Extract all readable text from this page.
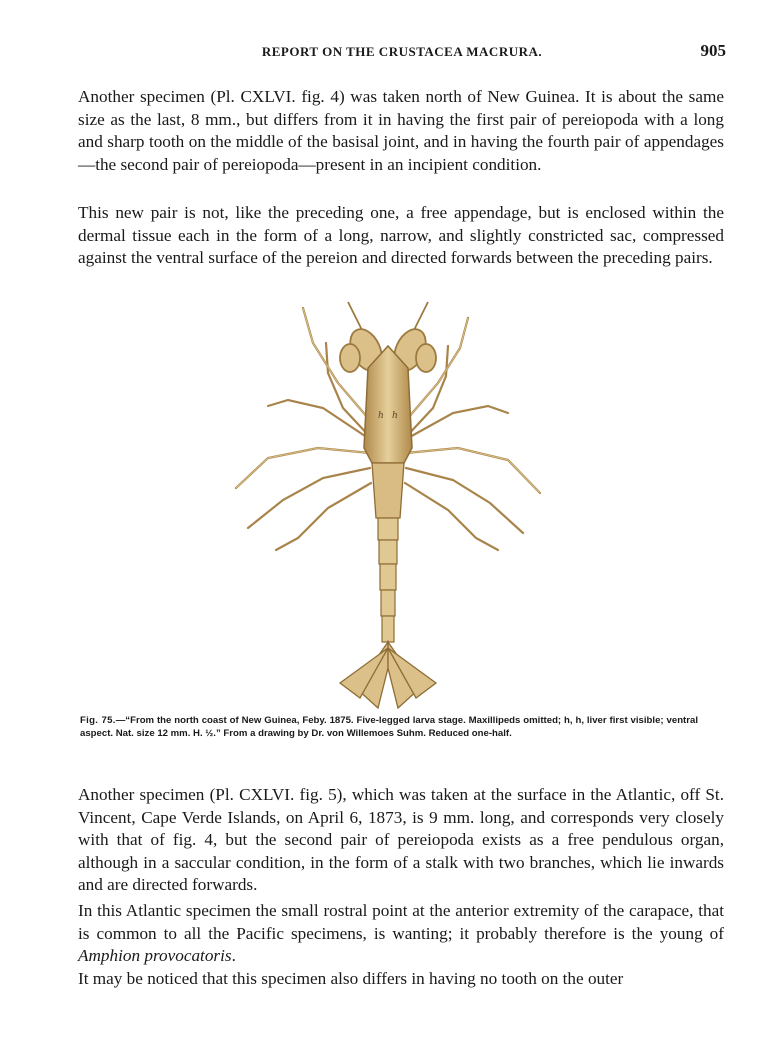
REPORT ON THE CRUSTACEA MACRURA.	905

Another specimen (Pl. CXLVI. fig. 4) was taken north of New Guinea. It is about the same size as the last, 8 mm., but differs from it in having the first pair of pereiopoda with a long and sharp tooth on the middle of the basisal joint, and in having the fourth pair of appendages—the second pair of pereiopoda—present in an incipient condition.

This new pair is not, like the preceding one, a free appendage, but is enclosed within the dermal tissue each in the form of a long, narrow, and slightly constricted sac, compressed against the ventral surface of the pereion and directed forwards between the preceding pairs.

h
h
Fig. 75.—“From the north coast of New Guinea, Feby. 1875. Five-legged larva stage. Maxillipeds omitted; h, h, liver first visible; ventral aspect. Nat. size 12 mm. H. ½.” From a drawing by Dr. von Willemoes Suhm. Reduced one-half.

Another specimen (Pl. CXLVI. fig. 5), which was taken at the surface in the Atlantic, off St. Vincent, Cape Verde Islands, on April 6, 1873, is 9 mm. long, and corresponds very closely with that of fig. 4, but the second pair of pereiopoda exists as a free pendulous organ, although in a saccular condition, in the form of a stalk with two branches, which lie inwards and are directed forwards.

In this Atlantic specimen the small rostral point at the anterior extremity of the carapace, that is common to all the Pacific specimens, is wanting; it probably therefore is the young of Amphion provocatoris.

It may be noticed that this specimen also differs in having no tooth on the outer
